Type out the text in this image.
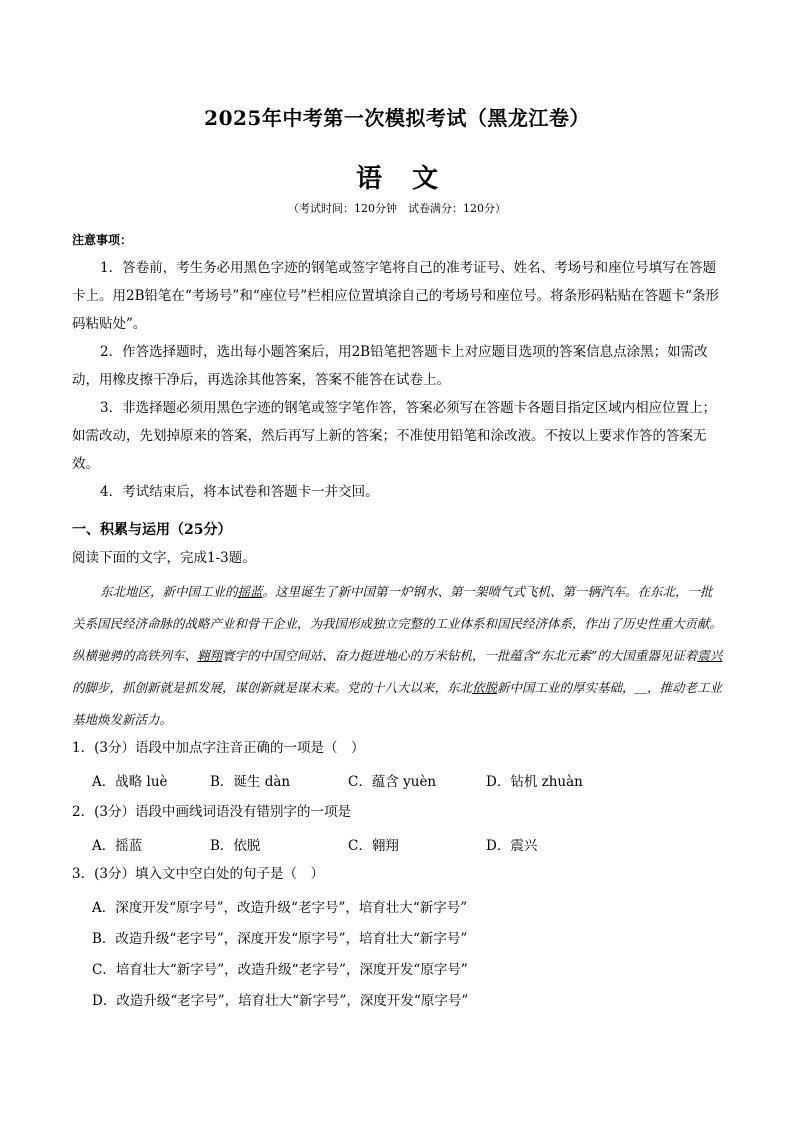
2025年中考第一次模拟考试（黑龙江卷）
语文
（考试时间：120分钟　试卷满分：120分）
注意事项：
1．答卷前，考生务必用黑色字迹的钢笔或签字笔将自己的准考证号、姓名、考场号和座位号填写在答题卡上。用2B铅笔在“考场号”和“座位号”栏相应位置填涂自己的考场号和座位号。将条形码粘贴在答题卡“条形码粘贴处”。
2．作答选择题时，选出每小题答案后，用2B铅笔把答题卡上对应题目选项的答案信息点涂黑；如需改动，用橡皮擦干净后，再选涂其他答案，答案不能答在试卷上。
3．非选择题必须用黑色字迹的钢笔或签字笔作答，答案必须写在答题卡各题目指定区域内相应位置上；如需改动，先划掉原来的答案，然后再写上新的答案；不准使用铅笔和涂改液。不按以上要求作答的答案无效。
4．考试结束后，将本试卷和答题卡一并交回。
一、积累与运用（25分）
阅读下面的文字，完成1-3题。
东北地区，新中国工业的摇蓝。这里诞生了新中国第一炉钢水、第一架喷气式飞机、第一辆汽车。在东北，一批关系国民经济命脉的战略产业和骨干企业，为我国形成独立完整的工业体系和国民经济体系，作出了历史性重大贡献。纵横驰骋的高铁列车、翱翔寰宇的中国空间站、奋力挺进地心的万米钻机，一批蕴含“东北元素”的大国重器见证着震兴的脚步，抓创新就是抓发展，谋创新就是谋未来。党的十八大以来，东北依脱新中国工业的厚实基础，＿，推动老工业基地焕发新活力。
1．(3分）语段中加点字注音正确的一项是（　）
A．战略 luè	B．诞生 dàn	C．蕴含 yuèn	D．钻机 zhuàn
2．(3分）语段中画线词语没有错别字的一项是
A．摇蓝	B．依脱	C．翱翔	D．震兴
3．(3分）填入文中空白处的句子是（　）
A．深度开发“原字号”，改造升级“老字号”，培育壮大“新字号”
B．改造升级“老字号”，深度开发“原字号”，培育壮大“新字号”
C．培育壮大“新字号”，改造升级“老字号”，深度开发“原字号”
D．改造升级“老字号”，培育壮大“新字号”，深度开发“原字号”
